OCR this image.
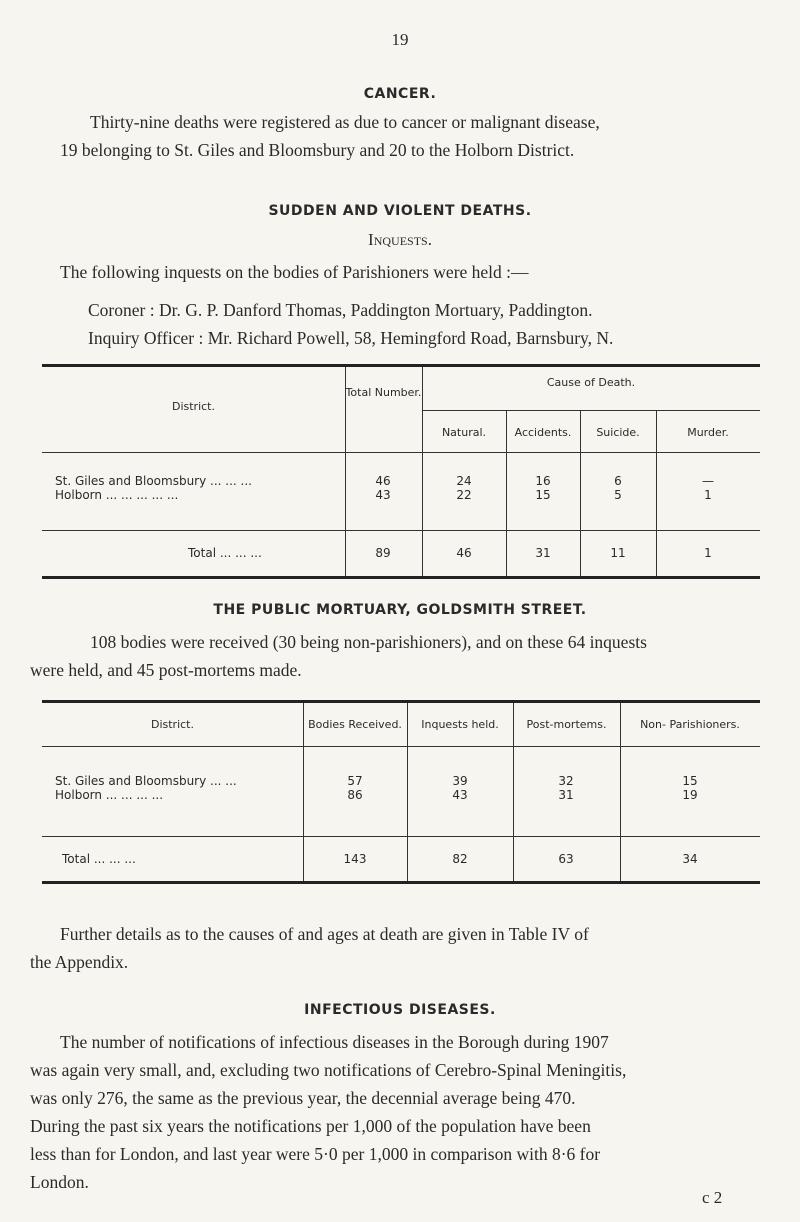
19
CANCER.
Thirty-nine deaths were registered as due to cancer or malignant disease,
19 belonging to St. Giles and Bloomsbury and 20 to the Holborn District.
SUDDEN AND VIOLENT DEATHS.
Inquests.
The following inquests on the bodies of Parishioners were held :—
Coroner : Dr. G. P. Danford Thomas, Paddington Mortuary, Paddington.
Inquiry Officer : Mr. Richard Powell, 58, Hemingford Road, Barnsbury, N.
District.
Total Number.
Cause of Death.
Natural.	Accidents.	Suicide.	Murder.
St. Giles and Bloomsbury ... ... ...	46	24	16	6	—
Holborn ... ... ... ... ...	43	22	15	5	1
Total ... ... ...	89	46	31	11	1
THE PUBLIC MORTUARY, GOLDSMITH STREET.
108 bodies were received (30 being non-parishioners), and on these 64 inquests
were held, and 45 post-mortems made.
District.	Bodies Received.	Inquests held.	Post-mortems.	Non- Parishioners.
St. Giles and Bloomsbury ... ...	57	39	32	15
Holborn ... ... ... ...	86	43	31	19
Total ... ... ...	143	82	63	34
Further details as to the causes of and ages at death are given in Table IV of
the Appendix.
INFECTIOUS DISEASES.
The number of notifications of infectious diseases in the Borough during 1907
was again very small, and, excluding two notifications of Cerebro-Spinal Meningitis,
was only 276, the same as the previous year, the decennial average being 470.
During the past six years the notifications per 1,000 of the population have been
less than for London, and last year were 5·0 per 1,000 in comparison with 8·6 for
London.
c 2
